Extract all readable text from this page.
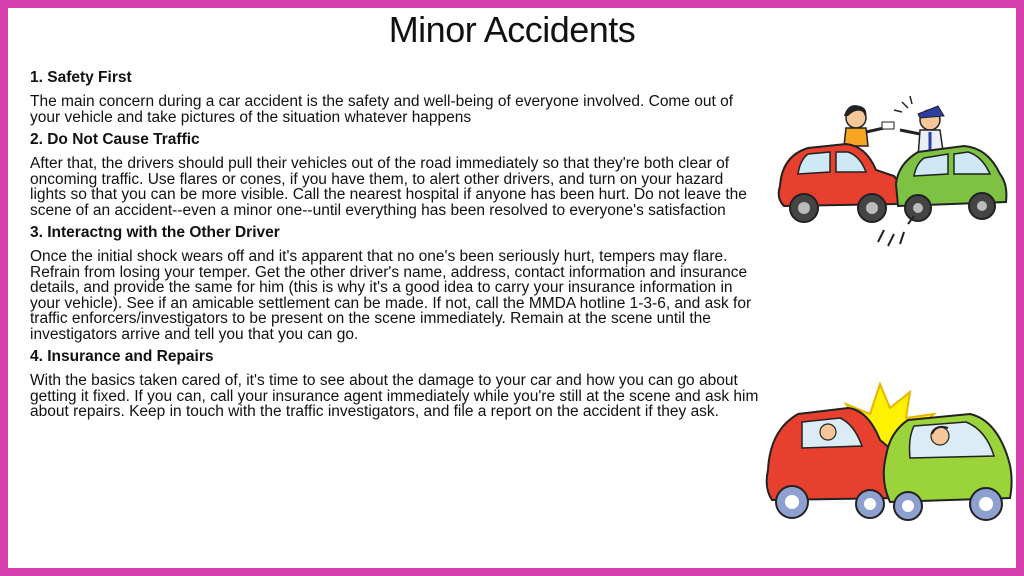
Minor Accidents
1. Safety First
The main concern during a car accident is the safety and well-being of everyone involved. Come out of your vehicle and take pictures of the situation whatever happens
2. Do Not Cause Traffic
After that, the drivers should pull their vehicles out of the road immediately so that they're both clear of oncoming traffic. Use flares or cones, if you have them, to alert other drivers, and turn on your hazard lights so that you can be more visible. Call the nearest hospital if anyone has been hurt. Do not leave the scene of an accident--even a minor one--until everything has been resolved to everyone's satisfaction
3. Interactng with the Other Driver
Once the initial shock wears off and it's apparent that no one's been seriously hurt, tempers may flare. Refrain from losing your temper. Get the other driver's name, address, contact information and insurance details, and provide the same for him (this is why it's a good idea to carry your insurance information in your vehicle). See if an amicable settlement can be made. If not, call the MMDA hotline 1-3-6, and ask for traffic enforcers/investigators to be present on the scene immediately. Remain at the scene until the investigators arrive and tell you that you can go.
4. Insurance and Repairs
With the basics taken cared of, it's time to see about the damage to your car and how you can go about getting it fixed. If you can, call your insurance agent immediately while you're still at the scene and ask him about repairs. Keep in touch with the traffic investigators, and file a report on the accident if they ask.
